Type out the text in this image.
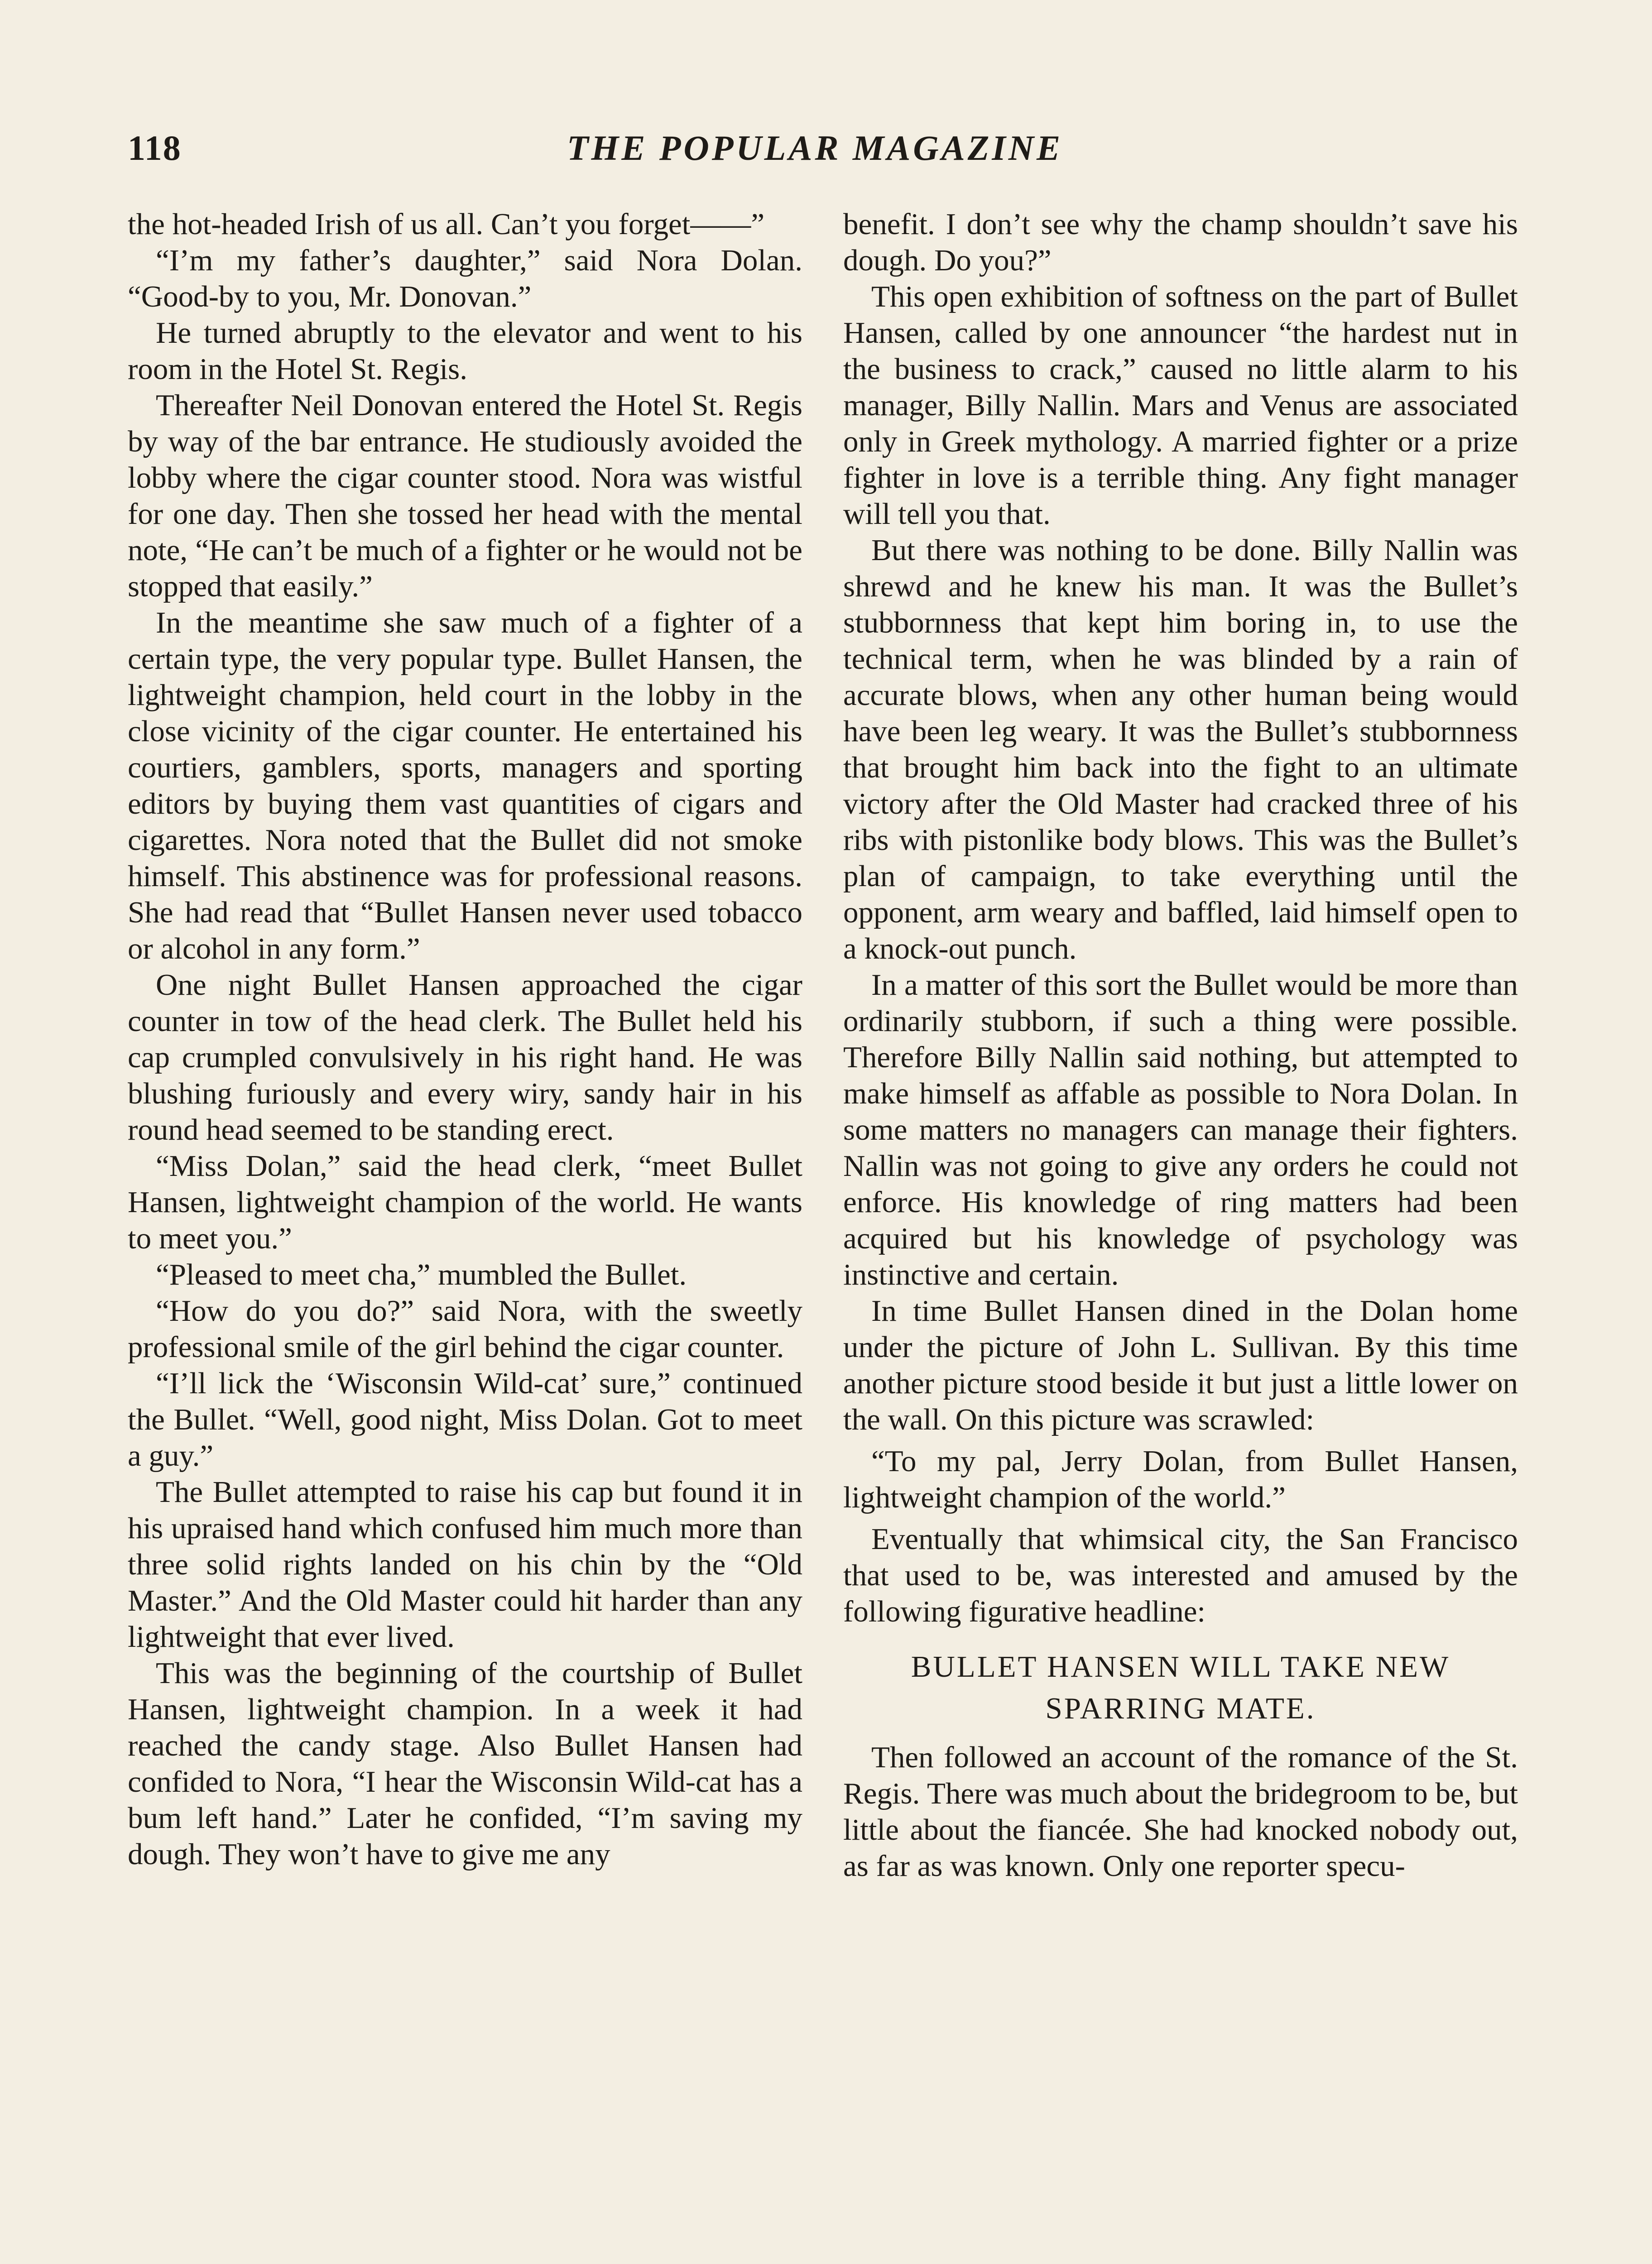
118	THE POPULAR MAGAZINE

the hot-headed Irish of us all. Can’t you forget——”

“I’m my father’s daughter,” said Nora Dolan. “Good-by to you, Mr. Donovan.”

He turned abruptly to the elevator and went to his room in the Hotel St. Regis.

Thereafter Neil Donovan entered the Hotel St. Regis by way of the bar entrance. He studiously avoided the lobby where the cigar counter stood. Nora was wistful for one day. Then she tossed her head with the mental note, “He can’t be much of a fighter or he would not be stopped that easily.”

In the meantime she saw much of a fighter of a certain type, the very popular type. Bullet Hansen, the lightweight champion, held court in the lobby in the close vicinity of the cigar counter. He entertained his courtiers, gamblers, sports, managers and sporting editors by buying them vast quantities of cigars and cigarettes. Nora noted that the Bullet did not smoke himself. This abstinence was for professional reasons. She had read that “Bullet Hansen never used tobacco or alcohol in any form.”

One night Bullet Hansen approached the cigar counter in tow of the head clerk. The Bullet held his cap crumpled convulsively in his right hand. He was blushing furiously and every wiry, sandy hair in his round head seemed to be standing erect.

“Miss Dolan,” said the head clerk, “meet Bullet Hansen, lightweight champion of the world. He wants to meet you.”

“Pleased to meet cha,” mumbled the Bullet.

“How do you do?” said Nora, with the sweetly professional smile of the girl behind the cigar counter.

“I’ll lick the ‘Wisconsin Wild-cat’ sure,” continued the Bullet. “Well, good night, Miss Dolan. Got to meet a guy.”

The Bullet attempted to raise his cap but found it in his upraised hand which confused him much more than three solid rights landed on his chin by the “Old Master.” And the Old Master could hit harder than any lightweight that ever lived.

This was the beginning of the courtship of Bullet Hansen, lightweight champion. In a week it had reached the candy stage. Also Bullet Hansen had confided to Nora, “I hear the Wisconsin Wild-cat has a bum left hand.” Later he confided, “I’m saving my dough. They won’t have to give me any

benefit. I don’t see why the champ shouldn’t save his dough. Do you?”

This open exhibition of softness on the part of Bullet Hansen, called by one announcer “the hardest nut in the business to crack,” caused no little alarm to his manager, Billy Nallin. Mars and Venus are associated only in Greek mythology. A married fighter or a prize fighter in love is a terrible thing. Any fight manager will tell you that.

But there was nothing to be done. Billy Nallin was shrewd and he knew his man. It was the Bullet’s stubbornness that kept him boring in, to use the technical term, when he was blinded by a rain of accurate blows, when any other human being would have been leg weary. It was the Bullet’s stubbornness that brought him back into the fight to an ultimate victory after the Old Master had cracked three of his ribs with pistonlike body blows. This was the Bullet’s plan of campaign, to take everything until the opponent, arm weary and baffled, laid himself open to a knock-out punch.

In a matter of this sort the Bullet would be more than ordinarily stubborn, if such a thing were possible. Therefore Billy Nallin said nothing, but attempted to make himself as affable as possible to Nora Dolan. In some matters no managers can manage their fighters. Nallin was not going to give any orders he could not enforce. His knowledge of ring matters had been acquired but his knowledge of psychology was instinctive and certain.

In time Bullet Hansen dined in the Dolan home under the picture of John L. Sullivan. By this time another picture stood beside it but just a little lower on the wall. On this picture was scrawled:

“To my pal, Jerry Dolan, from Bullet Hansen, lightweight champion of the world.”

Eventually that whimsical city, the San Francisco that used to be, was interested and amused by the following figurative headline:

BULLET HANSEN WILL TAKE NEW
SPARRING MATE.

Then followed an account of the romance of the St. Regis. There was much about the bridegroom to be, but little about the fiancée. She had knocked nobody out, as far as was known. Only one reporter specu-
